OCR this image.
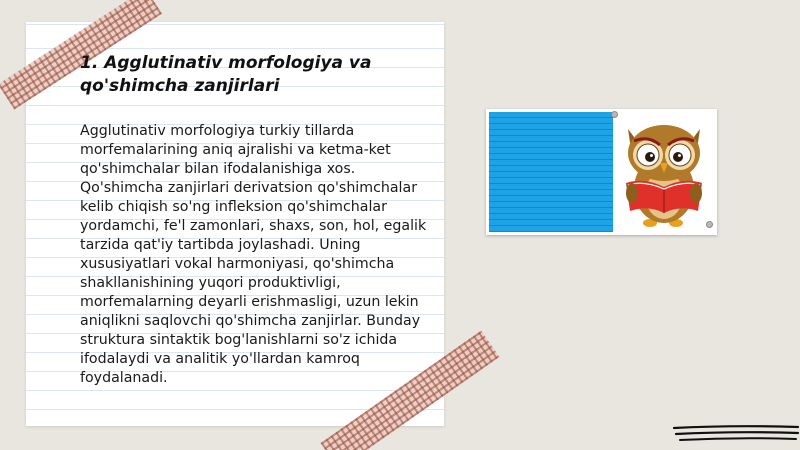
1. Agglutinativ morfologiya va qo'shimcha zanjirlari

Agglutinativ morfologiya turkiy tillarda morfemalarining aniq ajralishi va ketma-ket qo'shimchalar bilan ifodalanishiga xos. Qo'shimcha zanjirlari derivatsion qo'shimchalar kelib chiqish so'ng infleksion qo'shimchalar yordamchi, fe'l zamonlari, shaxs, son, hol, egalik tarzida qat'iy tartibda joylashadi. Uning xususiyatlari vokal harmoniyasi, qo'shimcha shakllanishining yuqori produktivligi, morfemalarning deyarli erishmasligi, uzun lekin aniqlikni saqlovchi qo'shimcha zanjirlar. Bunday struktura sintaktik bog'lanishlarni so'z ichida ifodalaydi va analitik yo'llardan kamroq foydalanadi.
